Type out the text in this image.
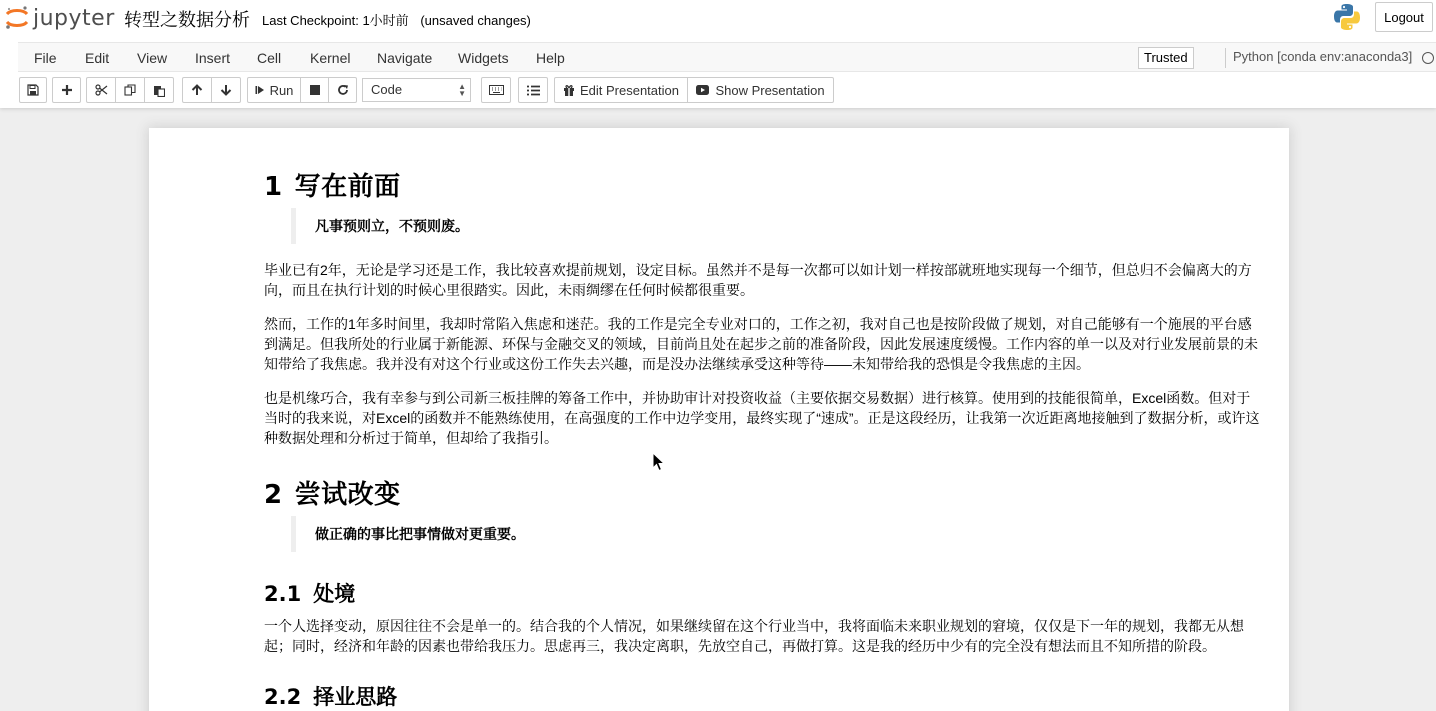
jupyter 转型之数据分析 Last Checkpoint: 1小时前 (unsaved changes)	Logout
File Edit View Insert Cell Kernel Navigate Widgets Help	Trusted	Python [conda env:anaconda3]
Run	Code	▲
▼	Edit Presentation	Show Presentation
1 写在前面
凡事预则立，不预则废。

毕业已有2年，无论是学习还是工作，我比较喜欢提前规划，设定目标。虽然并不是每一次都可以如计划一样按部就班地实现每一个细节，但总归不会偏离大的方向，而且在执行计划的时候心里很踏实。因此，未雨绸缪在任何时候都很重要。

然而，工作的1年多时间里，我却时常陷入焦虑和迷茫。我的工作是完全专业对口的，工作之初，我对自己也是按阶段做了规划，对自己能够有一个施展的平台感到满足。但我所处的行业属于新能源、环保与金融交叉的领域，目前尚且处在起步之前的准备阶段，因此发展速度缓慢。工作内容的单一以及对行业发展前景的未知带给了我焦虑。我并没有对这个行业或这份工作失去兴趣，而是没办法继续承受这种等待——未知带给我的恐惧是令我焦虑的主因。

也是机缘巧合，我有幸参与到公司新三板挂牌的筹备工作中，并协助审计对投资收益（主要依据交易数据）进行核算。使用到的技能很简单，Excel函数。但对于当时的我来说，对Excel的函数并不能熟练使用，在高强度的工作中边学变用，最终实现了“速成”。正是这段经历，让我第一次近距离地接触到了数据分析，或许这种数据处理和分析过于简单，但却给了我指引。

2 尝试改变
做正确的事比把事情做对更重要。
2.1 处境

一个人选择变动，原因往往不会是单一的。结合我的个人情况，如果继续留在这个行业当中，我将面临未来职业规划的窘境，仅仅是下一年的规划，我都无从想起；同时，经济和年龄的因素也带给我压力。思虑再三，我决定离职，先放空自己，再做打算。这是我的经历中少有的完全没有想法而且不知所措的阶段。

2.2 择业思路
